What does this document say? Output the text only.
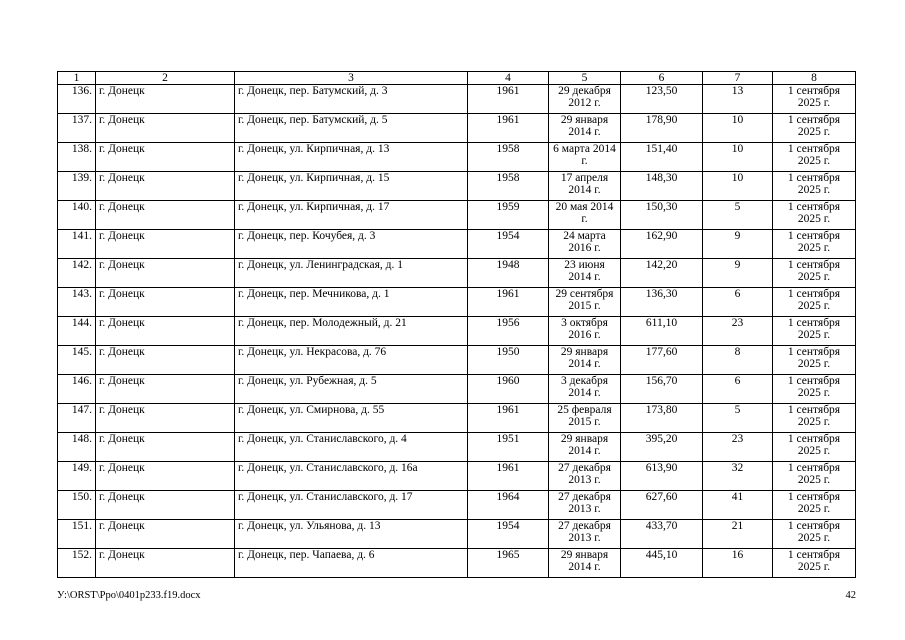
1	2	3	4	5	6	7	8
136.	г. Донецк	г. Донецк, пер. Батумский, д. 3	1961	29 декабря 2012 г.	123,50	13	1 сентября 2025 г.
137.	г. Донецк	г. Донецк, пер. Батумский, д. 5	1961	29 января 2014 г.	178,90	10	1 сентября 2025 г.
138.	г. Донецк	г. Донецк, ул. Кирпичная, д. 13	1958	6 марта 2014 г.	151,40	10	1 сентября 2025 г.
139.	г. Донецк	г. Донецк, ул. Кирпичная, д. 15	1958	17 апреля 2014 г.	148,30	10	1 сентября 2025 г.
140.	г. Донецк	г. Донецк, ул. Кирпичная, д. 17	1959	20 мая 2014 г.	150,30	5	1 сентября 2025 г.
141.	г. Донецк	г. Донецк, пер. Кочубея, д. 3	1954	24 марта 2016 г.	162,90	9	1 сентября 2025 г.
142.	г. Донецк	г. Донецк, ул. Ленинградская, д. 1	1948	23 июня 2014 г.	142,20	9	1 сентября 2025 г.
143.	г. Донецк	г. Донецк, пер. Мечникова, д. 1	1961	29 сентября 2015 г.	136,30	6	1 сентября 2025 г.
144.	г. Донецк	г. Донецк, пер. Молодежный, д. 21	1956	3 октября 2016 г.	611,10	23	1 сентября 2025 г.
145.	г. Донецк	г. Донецк, ул. Некрасова, д. 76	1950	29 января 2014 г.	177,60	8	1 сентября 2025 г.
146.	г. Донецк	г. Донецк, ул. Рубежная, д. 5	1960	3 декабря 2014 г.	156,70	6	1 сентября 2025 г.
147.	г. Донецк	г. Донецк, ул. Смирнова, д. 55	1961	25 февраля 2015 г.	173,80	5	1 сентября 2025 г.
148.	г. Донецк	г. Донецк, ул. Станиславского, д. 4	1951	29 января 2014 г.	395,20	23	1 сентября 2025 г.
149.	г. Донецк	г. Донецк, ул. Станиславского, д. 16а	1961	27 декабря 2013 г.	613,90	32	1 сентября 2025 г.
150.	г. Донецк	г. Донецк, ул. Станиславского, д. 17	1964	27 декабря 2013 г.	627,60	41	1 сентября 2025 г.
151.	г. Донецк	г. Донецк, ул. Ульянова, д. 13	1954	27 декабря 2013 г.	433,70	21	1 сентября 2025 г.
152.	г. Донецк	г. Донецк, пер. Чапаева, д. 6	1965	29 января 2014 г.	445,10	16	1 сентября 2025 г.
У:\ORST\Ppo\0401p233.f19.docx	42
